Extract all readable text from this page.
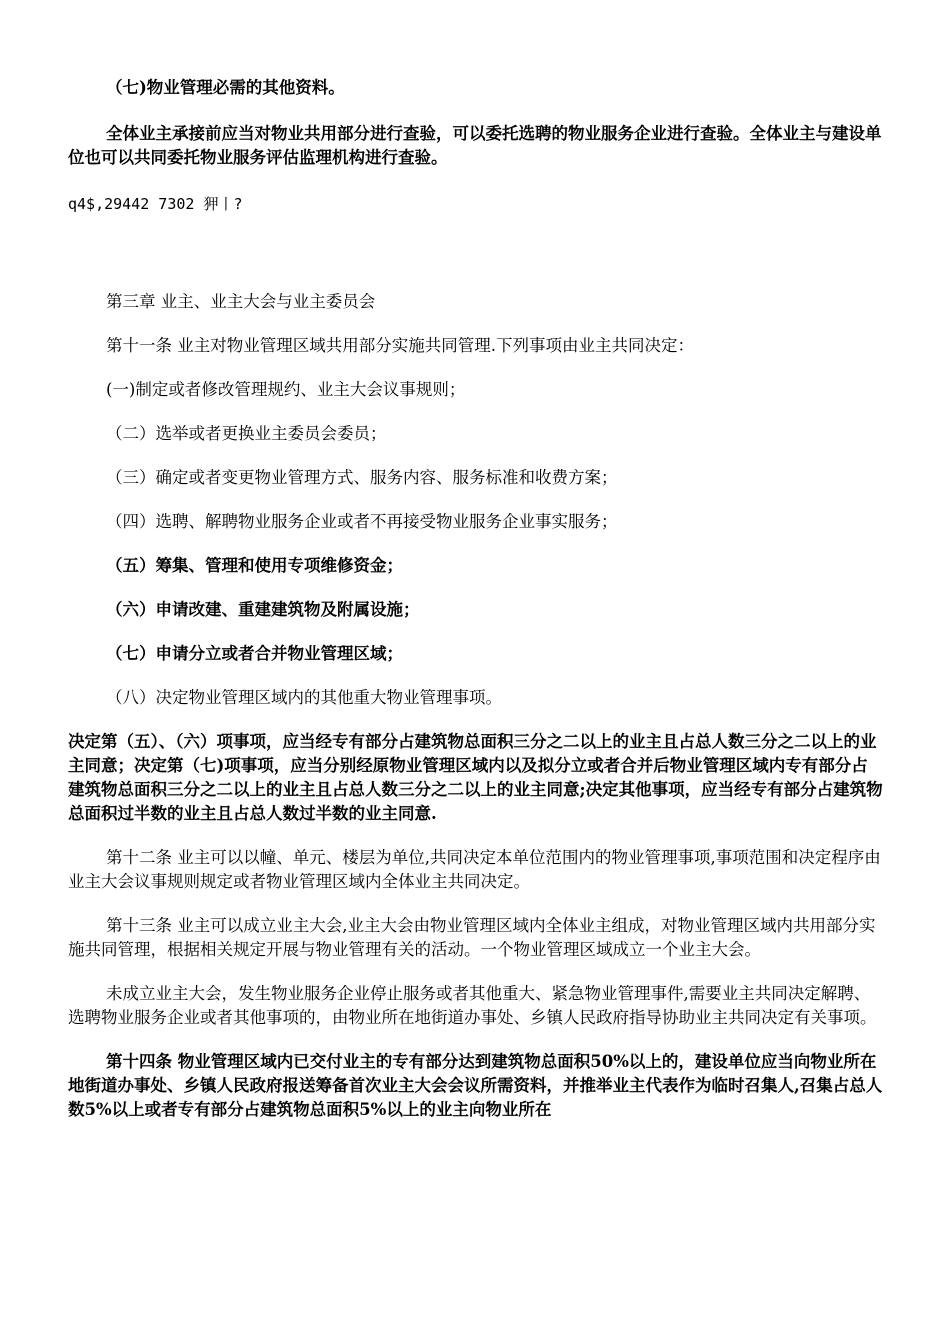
（七)物业管理必需的其他资料。

全体业主承接前应当对物业共用部分进行查验，可以委托选聘的物业服务企业进行查验。全体业主与建设单位也可以共同委托物业服务评估监理机构进行查验。

q4$,29442 7302 狎丨?

第三章 业主、业主大会与业主委员会

第十一条 业主对物业管理区域共用部分实施共同管理.下列事项由业主共同决定：

(一)制定或者修改管理规约、业主大会议事规则；

（二）选举或者更换业主委员会委员；

（三）确定或者变更物业管理方式、服务内容、服务标准和收费方案；

（四）选聘、解聘物业服务企业或者不再接受物业服务企业事实服务；

（五）筹集、管理和使用专项维修资金；

（六）申请改建、重建建筑物及附属设施；

（七）申请分立或者合并物业管理区域；

（八）决定物业管理区域内的其他重大物业管理事项。

决定第（五）、（六）项事项，应当经专有部分占建筑物总面积三分之二以上的业主且占总人数三分之二以上的业主同意；决定第（七)项事项，应当分别经原物业管理区域内以及拟分立或者合并后物业管理区域内专有部分占建筑物总面积三分之二以上的业主且占总人数三分之二以上的业主同意;决定其他事项，应当经专有部分占建筑物总面积过半数的业主且占总人数过半数的业主同意.

第十二条 业主可以以幢、单元、楼层为单位,共同决定本单位范围内的物业管理事项,事项范围和决定程序由业主大会议事规则规定或者物业管理区域内全体业主共同决定。

第十三条 业主可以成立业主大会,业主大会由物业管理区域内全体业主组成，对物业管理区域内共用部分实施共同管理，根据相关规定开展与物业管理有关的活动。一个物业管理区域成立一个业主大会。

未成立业主大会，发生物业服务企业停止服务或者其他重大、紧急物业管理事件,需要业主共同决定解聘、选聘物业服务企业或者其他事项的，由物业所在地街道办事处、乡镇人民政府指导协助业主共同决定有关事项。

第十四条 物业管理区域内已交付业主的专有部分达到建筑物总面积50%以上的，建设单位应当向物业所在地街道办事处、乡镇人民政府报送筹备首次业主大会会议所需资料，并推举业主代表作为临时召集人,召集占总人数5%以上或者专有部分占建筑物总面积5%以上的业主向物业所在
